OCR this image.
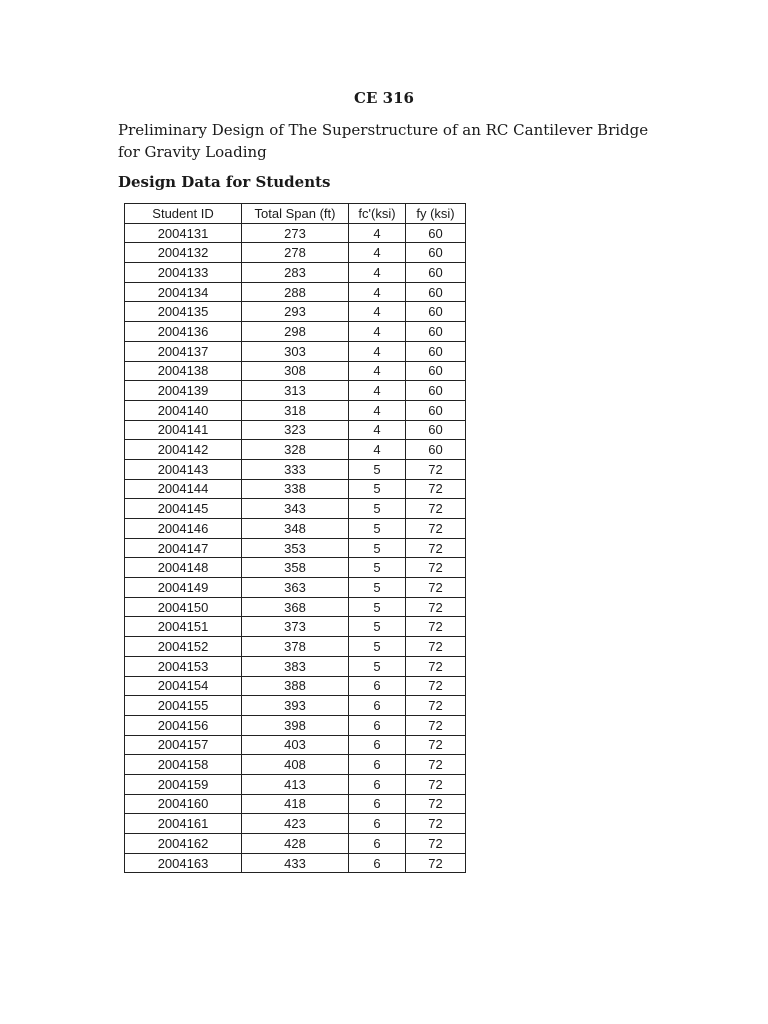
CE 316
Preliminary Design of The Superstructure of an RC Cantilever Bridge for Gravity Loading
Design Data for Students
Student ID	Total Span (ft)	fc'(ksi)	fy (ksi)
2004131	273	4	60
2004132	278	4	60
2004133	283	4	60
2004134	288	4	60
2004135	293	4	60
2004136	298	4	60
2004137	303	4	60
2004138	308	4	60
2004139	313	4	60
2004140	318	4	60
2004141	323	4	60
2004142	328	4	60
2004143	333	5	72
2004144	338	5	72
2004145	343	5	72
2004146	348	5	72
2004147	353	5	72
2004148	358	5	72
2004149	363	5	72
2004150	368	5	72
2004151	373	5	72
2004152	378	5	72
2004153	383	5	72
2004154	388	6	72
2004155	393	6	72
2004156	398	6	72
2004157	403	6	72
2004158	408	6	72
2004159	413	6	72
2004160	418	6	72
2004161	423	6	72
2004162	428	6	72
2004163	433	6	72
